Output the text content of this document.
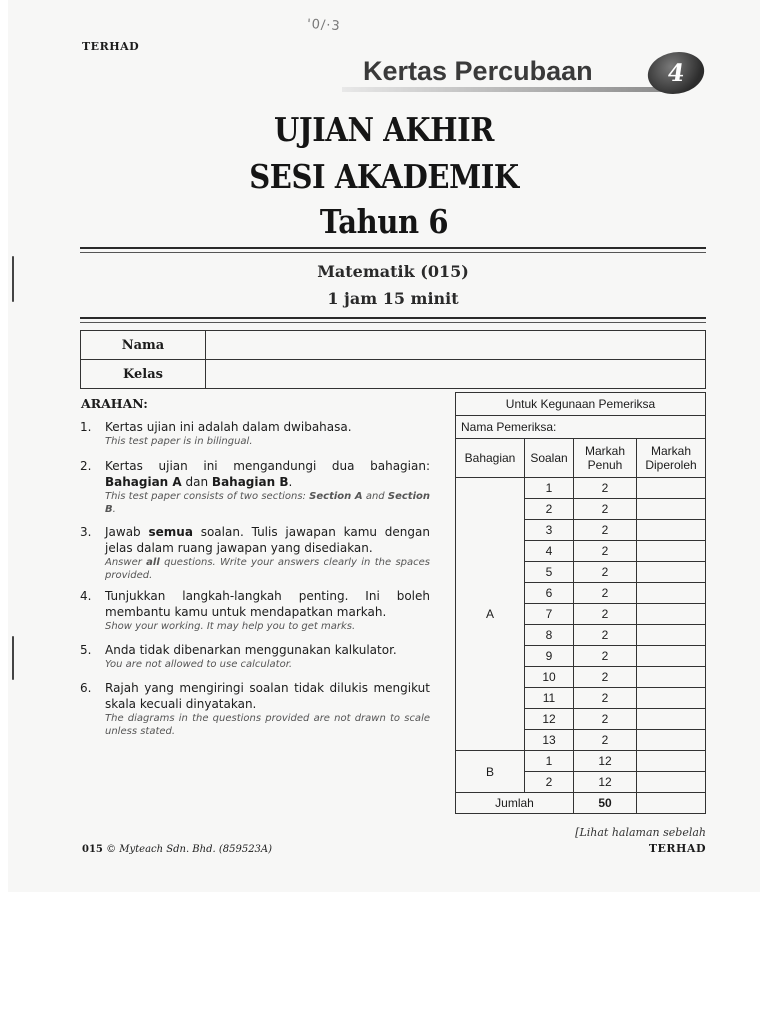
'0/·3
TERHAD
Kertas Percubaan	4
UJIAN AKHIR
SESI AKADEMIK
Tahun 6
Matematik (015)
1 jam 15 minit
Nama	
Kelas	
ARAHAN:
1. Kertas ujian ini adalah dalam dwibahasa.
This test paper is in bilingual.
2. Kertas ujian ini mengandungi dua bahagian: Bahagian A dan Bahagian B.
This test paper consists of two sections: Section A and Section B.
3. Jawab semua soalan. Tulis jawapan kamu dengan jelas dalam ruang jawapan yang disediakan.
Answer all questions. Write your answers clearly in the spaces provided.
4. Tunjukkan langkah-langkah penting. Ini boleh membantu kamu untuk mendapatkan markah.
Show your working. It may help you to get marks.
5. Anda tidak dibenarkan menggunakan kalkulator.
You are not allowed to use calculator.
6. Rajah yang mengiringi soalan tidak dilukis mengikut skala kecuali dinyatakan.
The diagrams in the questions provided are not drawn to scale unless stated.
Untuk Kegunaan Pemeriksa			
Nama Pemeriksa:			
Bahagian	Soalan	Markah Penuh	Markah Diperoleh
A	1	2	
	2	2	
	3	2	
	4	2	
	5	2	
	6	2	
	7	2	
	8	2	
	9	2	
	10	2	
	11	2	
	12	2	
	13	2	
B	1	12	
	2	12	
Jumlah		50	
[Lihat halaman sebelah
TERHAD
015 © Myteach Sdn. Bhd. (859523A)
